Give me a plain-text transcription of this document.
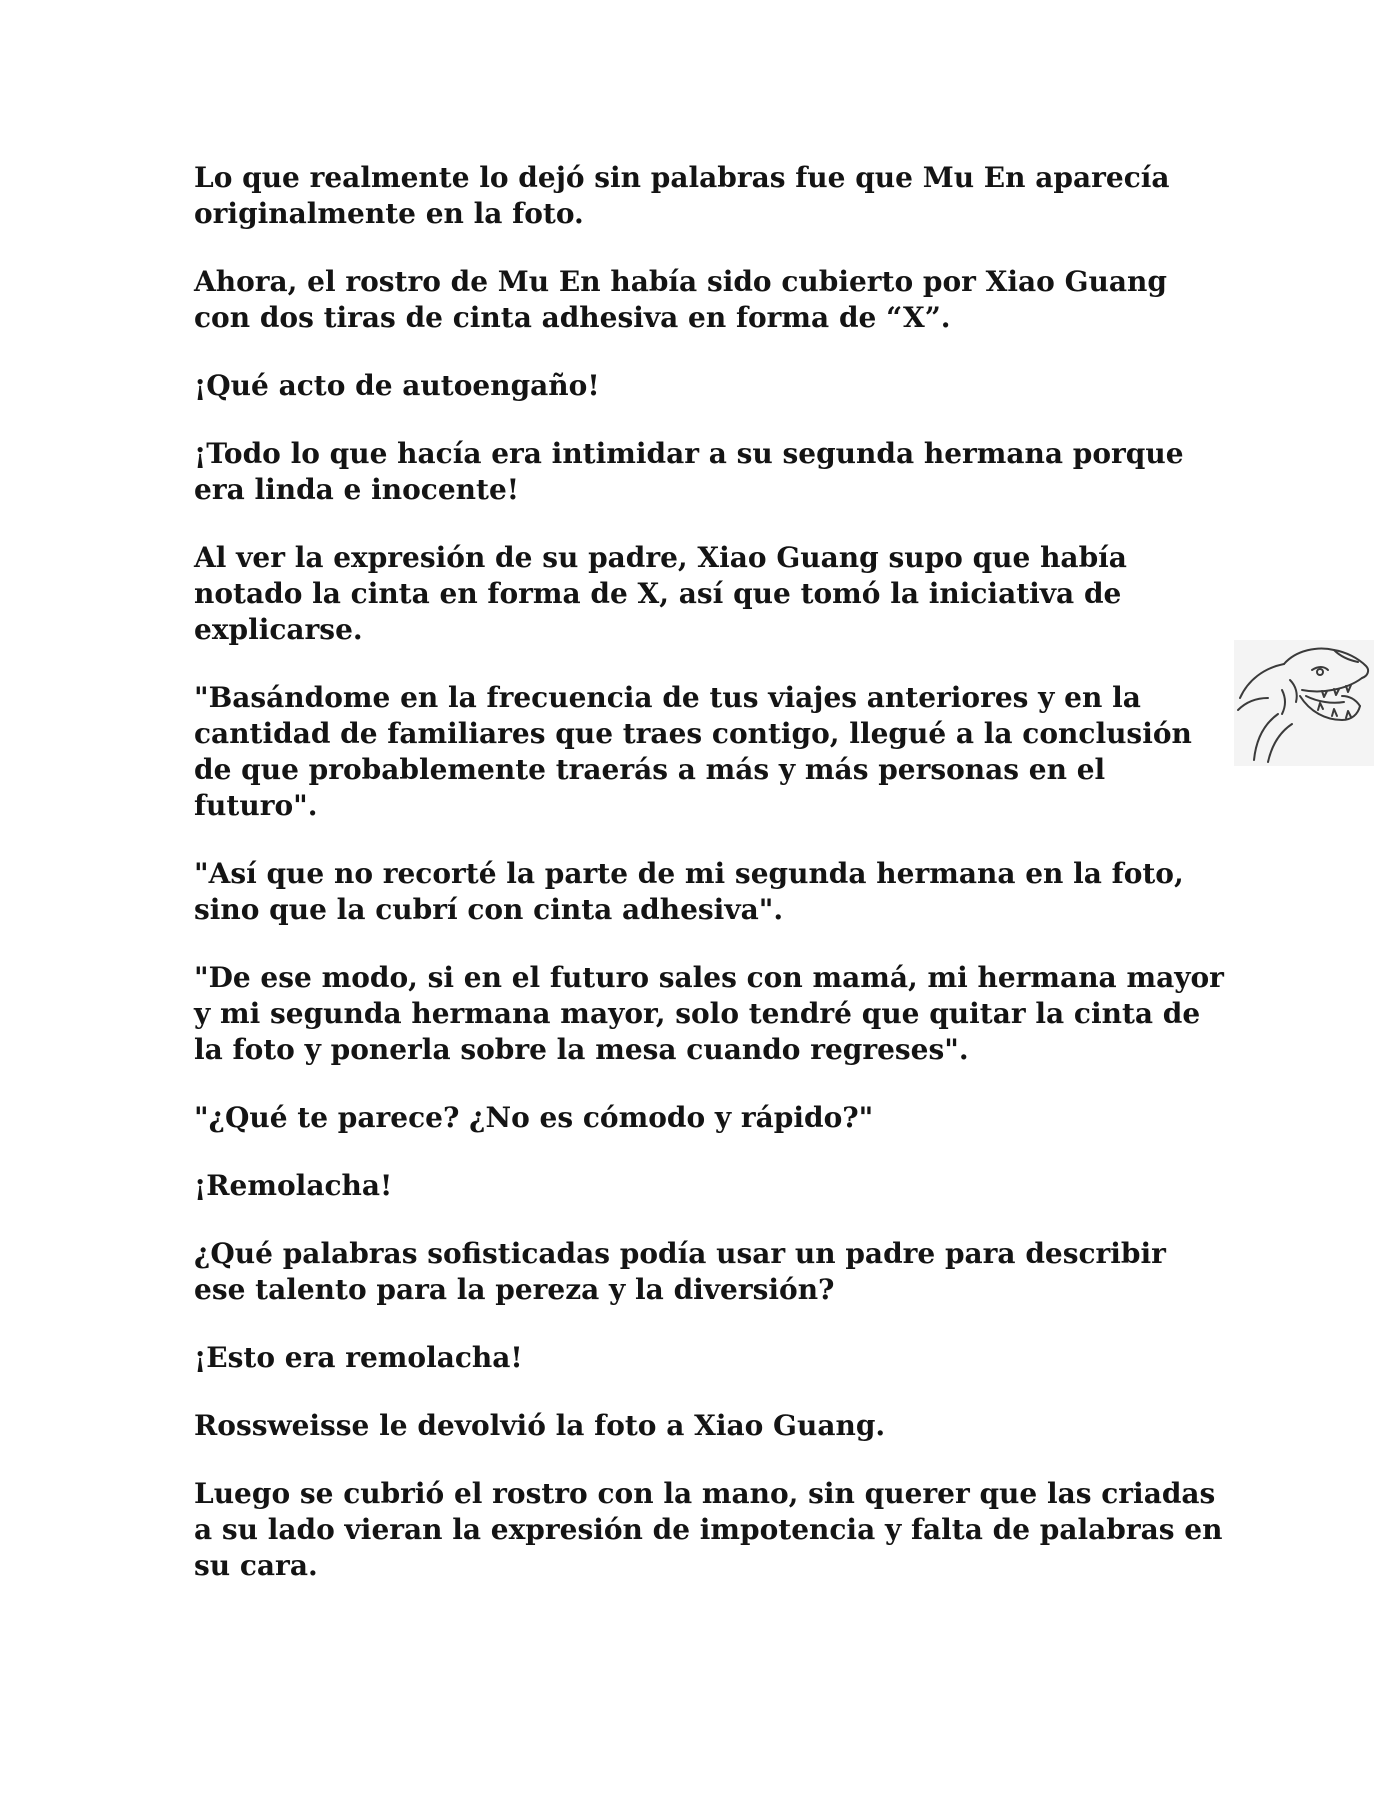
Lo que realmente lo dejó sin palabras fue que Mu En aparecía originalmente en la foto.

Ahora, el rostro de Mu En había sido cubierto por Xiao Guang con dos tiras de cinta adhesiva en forma de “X”.

¡Qué acto de autoengaño!

¡Todo lo que hacía era intimidar a su segunda hermana porque era linda e inocente!

Al ver la expresión de su padre, Xiao Guang supo que había notado la cinta en forma de X, así que tomó la iniciativa de explicarse.

"Basándome en la frecuencia de tus viajes anteriores y en la cantidad de familiares que traes contigo, llegué a la conclusión de que probablemente traerás a más y más personas en el futuro".

"Así que no recorté la parte de mi segunda hermana en la foto, sino que la cubrí con cinta adhesiva".

"De ese modo, si en el futuro sales con mamá, mi hermana mayor y mi segunda hermana mayor, solo tendré que quitar la cinta de la foto y ponerla sobre la mesa cuando regreses".

"¿Qué te parece? ¿No es cómodo y rápido?"

¡Remolacha!

¿Qué palabras sofisticadas podía usar un padre para describir ese talento para la pereza y la diversión?

¡Esto era remolacha!

Rossweisse le devolvió la foto a Xiao Guang.

Luego se cubrió el rostro con la mano, sin querer que las criadas a su lado vieran la expresión de impotencia y falta de palabras en su cara.
